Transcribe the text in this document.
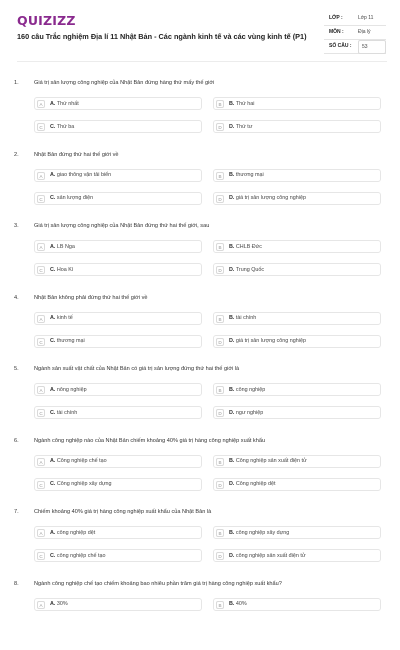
QUIZIZZ
160 câu Trắc nghiệm Địa lí 11 Nhật Bản - Các ngành kinh tế và các vùng kinh tế (P1)
LỚP :	Lớp 11
MÔN :	Địa lý
SỐ CÂU : 53
1.	Giá trị sản lượng công nghiệp của Nhật Bản đứng hàng thứ mấy thế giới
A	A. Thứ nhất	B	B. Thứ hai
C	C. Thứ ba	D	D. Thứ tư
2.	Nhật Bản đứng thứ hai thế giới về
A	A. giao thông vận tải biển	B	B. thương mại
C	C. sản lượng điện	D	D. giá trị sản lượng công nghiệp
3.	Giá trị sản lượng công nghiệp của Nhật Bản đứng thứ hai thế giới, sau
A	A. LB Nga	B	B. CHLB Đức
C	C. Hoa Kì	D	D. Trung Quốc
4.	Nhật Bản không phải đứng thứ hai thế giới về
A	A. kinh tế	B	B. tài chính
C	C. thương mại	D	D. giá trị sản lượng công nghiệp
5.	Ngành sản xuất vật chất của Nhật Bản có giá trị sản lượng đứng thứ hai thế giới là
A	A. nông nghiệp	B	B. công nghiệp
C	C. tài chính	D	D. ngư nghiệp
6.	Ngành công nghiệp nào của Nhật Bản chiếm khoảng 40% giá trị hàng công nghiệp xuất khẩu
A	A. Công nghiệp chế tạo	B	B. Công nghiệp sản xuất điện tử
C	C. Công nghiệp xây dựng	D	D. Công nghiệp dệt
7.	Chiếm khoảng 40% giá trị hàng công nghiệp xuất khẩu của Nhật Bản là
A	A. công nghiệp dệt	B	B. công nghiệp xây dựng
C	C. công nghiệp chế tạo	D	D. công nghiệp sản xuất điện tử
8.	Ngành công nghiệp chế tạo chiếm khoảng bao nhiêu phần trăm giá trị hàng công nghiệp xuất khẩu?
A	A. 30%	B	B. 40%
